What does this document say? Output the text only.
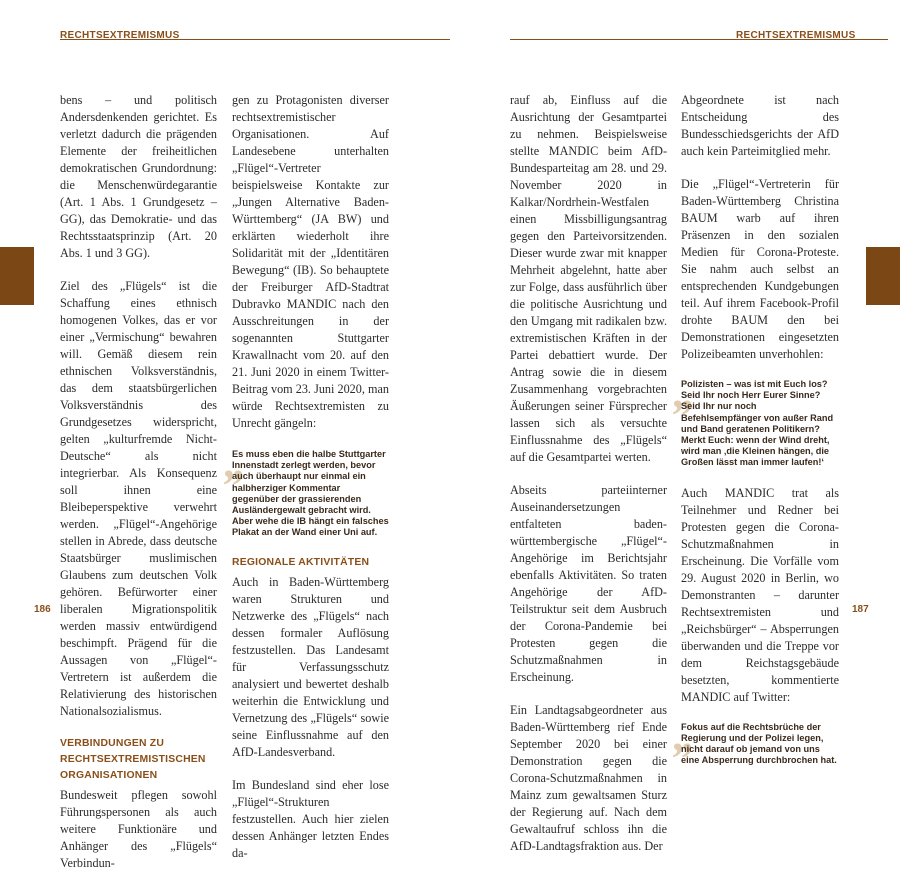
RECHTSEXTREMISMUS

bens – und politisch Andersdenkenden gerichtet. Es verletzt dadurch die prägenden Elemente der freiheitlichen demokratischen Grundordnung: die Menschenwürdegarantie (Art. 1 Abs. 1 Grundgesetz – GG), das Demokratie- und das Rechtsstaatsprinzip (Art. 20 Abs. 1 und 3 GG).

Ziel des „Flügels“ ist die Schaffung eines ethnisch homogenen Volkes, das er vor einer „Vermischung“ bewahren will. Gemäß diesem rein ethnischen Volksverständnis, das dem staatsbürgerlichen Volksverständnis des Grundgesetzes widerspricht, gelten „kulturfremde Nicht-Deutsche“ als nicht integrierbar. Als Konsequenz soll ihnen eine Bleibeperspektive verwehrt werden. „Flügel“-Angehörige stellen in Abrede, dass deutsche Staatsbürger muslimischen Glaubens zum deutschen Volk gehören. Befürworter einer liberalen Migrationspolitik werden massiv entwürdigend beschimpft. Prägend für die Aussagen von „Flügel“-Vertretern ist außerdem die Relativierung des historischen Nationalsozialismus.

VERBINDUNGEN ZU RECHTSEXTREMISTISCHEN ORGANISATIONEN

Bundesweit pflegen sowohl Führungspersonen als auch weitere Funktionäre und Anhänger des „Flügels“ Verbindun-

gen zu Protagonisten diverser rechtsextremistischer Organisationen. Auf Landesebene unterhalten „Flügel“-Vertreter beispielsweise Kontakte zur „Jungen Alternative Baden-Württemberg“ (JA BW) und erklärten wiederholt ihre Solidarität mit der „Identitären Bewegung“ (IB). So behauptete der Freiburger AfD-Stadtrat Dubravko MANDIC nach den Ausschreitungen in der sogenannten Stuttgarter Krawallnacht vom 20. auf den 21. Juni 2020 in einem Twitter-Beitrag vom 23. Juni 2020, man würde Rechtsextremisten zu Unrecht gängeln:

„
Es muss eben die halbe Stuttgarter Innenstadt zerlegt werden, bevor auch überhaupt nur einmal ein halbherziger Kommentar gegenüber der grassierenden Ausländergewalt gebracht wird. Aber wehe die IB hängt ein falsches Plakat an der Wand einer Uni auf.
REGIONALE AKTIVITÄTEN

Auch in Baden-Württemberg waren Strukturen und Netzwerke des „Flügels“ nach dessen formaler Auflösung festzustellen. Das Landesamt für Verfassungsschutz analysiert und bewertet deshalb weiterhin die Entwicklung und Vernetzung des „Flügels“ sowie seine Einflussnahme auf den AfD-Landesverband.

Im Bundesland sind eher lose „Flügel“-Strukturen festzustellen. Auch hier zielen dessen Anhänger letzten Endes da-

186
RECHTSEXTREMISMUS

rauf ab, Einfluss auf die Ausrichtung der Gesamtpartei zu nehmen. Beispielsweise stellte MANDIC beim AfD-Bundesparteitag am 28. und 29. November 2020 in Kalkar/Nordrhein-Westfalen einen Missbilligungsantrag gegen den Parteivorsitzenden. Dieser wurde zwar mit knapper Mehrheit abgelehnt, hatte aber zur Folge, dass ausführlich über die politische Ausrichtung und den Umgang mit radikalen bzw. extremistischen Kräften in der Partei debattiert wurde. Der Antrag sowie die in diesem Zusammenhang vorgebrachten Äußerungen seiner Fürsprecher lassen sich als versuchte Einflussnahme des „Flügels“ auf die Gesamtpartei werten.

Abseits parteiinterner Auseinandersetzungen entfalteten baden-württembergische „Flügel“-Angehörige im Berichtsjahr ebenfalls Aktivitäten. So traten Angehörige der AfD-Teilstruktur seit dem Ausbruch der Corona-Pandemie bei Protesten gegen die Schutzmaßnahmen in Erscheinung.

Ein Landtagsabgeordneter aus Baden-Württemberg rief Ende September 2020 bei einer Demonstration gegen die Corona-Schutzmaßnahmen in Mainz zum gewaltsamen Sturz der Regierung auf. Nach dem Gewaltaufruf schloss ihn die AfD-Landtagsfraktion aus. Der

Abgeordnete ist nach Entscheidung des Bundesschiedsgerichts der AfD auch kein Parteimitglied mehr.

Die „Flügel“-Vertreterin für Baden-Württemberg Christina BAUM warb auf ihren Präsenzen in den sozialen Medien für Corona-Proteste. Sie nahm auch selbst an entsprechenden Kundgebungen teil. Auf ihrem Facebook-Profil drohte BAUM den bei Demonstrationen eingesetzten Polizeibeamten unverhohlen:

„
Polizisten – was ist mit Euch los? Seid Ihr noch Herr Eurer Sinne? Seid Ihr nur noch Befehlsempfänger von außer Rand und Band geratenen Politikern? Merkt Euch: wenn der Wind dreht, wird man ‚die Kleinen hängen, die Großen lässt man immer laufen!‘

Auch MANDIC trat als Teilnehmer und Redner bei Protesten gegen die Corona-Schutzmaßnahmen in Erscheinung. Die Vorfälle vom 29. August 2020 in Berlin, wo Demonstranten – darunter Rechtsextremisten und „Reichsbürger“ – Absperrungen überwanden und die Treppe vor dem Reichstagsgebäude besetzten, kommentierte MANDIC auf Twitter:

„
Fokus auf die Rechtsbrüche der Regierung und der Polizei legen, nicht darauf ob jemand von uns eine Absperrung durchbrochen hat.
187
